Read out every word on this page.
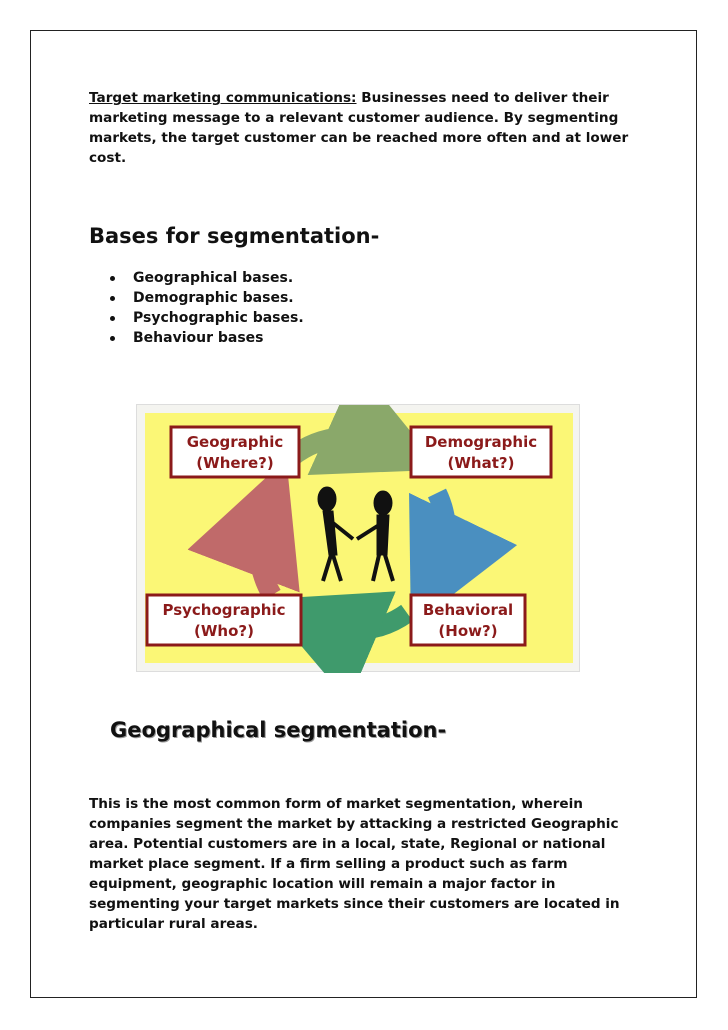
Target marketing communications: Businesses need to deliver their marketing message to a relevant customer audience. By segmenting markets, the target customer can be reached more often and at lower cost.

Bases for segmentation-
Geographical bases.
Demographic bases.
Psychographic bases.
Behaviour bases
Geographic
(Where?)
Demographic
(What?)
Psychographic
(Who?)
Behavioral
(How?)
Geographical segmentation-

This is the most common form of market segmentation, wherein companies segment the market by attacking a restricted Geographic area. Potential customers are in a local, state, Regional or national market place segment. If a firm selling a product such as farm equipment, geographic location will remain a major factor in segmenting your target markets since their customers are located in particular rural areas.
